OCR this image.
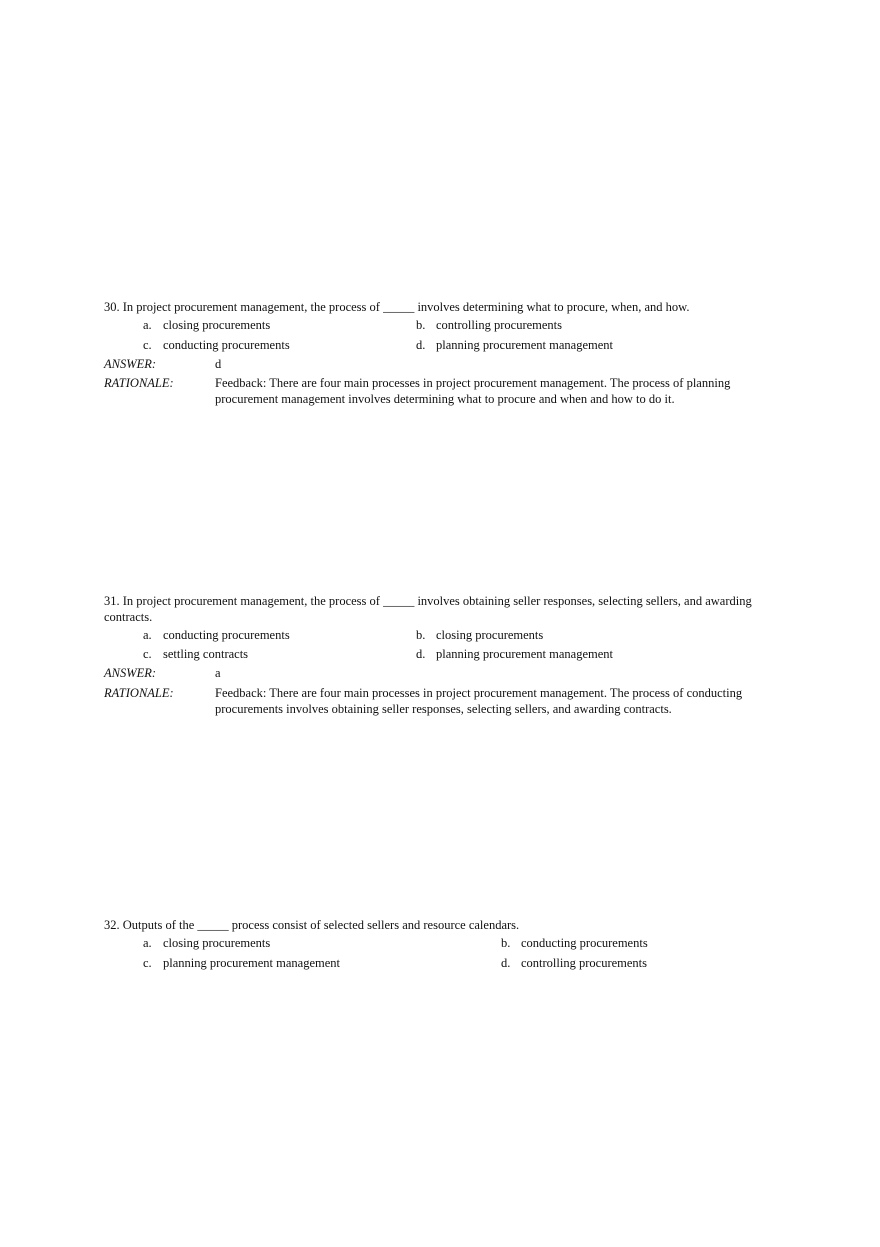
30. In project procurement management, the process of _____ involves determining what to procure, when, and how.

a. closing procurements	b. controlling procurements
c. conducting procurements	d. planning procurement management
ANSWER:	d
RATIONALE:	Feedback: There are four main processes in project procurement management. The process of planning procurement management involves determining what to procure and when and how to do it.

31. In project procurement management, the process of _____ involves obtaining seller responses, selecting sellers, and awarding contracts.

a. conducting procurements	b. closing procurements
c. settling contracts	d. planning procurement management
ANSWER:	a
RATIONALE:	Feedback: There are four main processes in project procurement management. The process of conducting procurements involves obtaining seller responses, selecting sellers, and awarding contracts.

32. Outputs of the _____ process consist of selected sellers and resource calendars.

a. closing procurements	b. conducting procurements
c. planning procurement management	d. controlling procurements
